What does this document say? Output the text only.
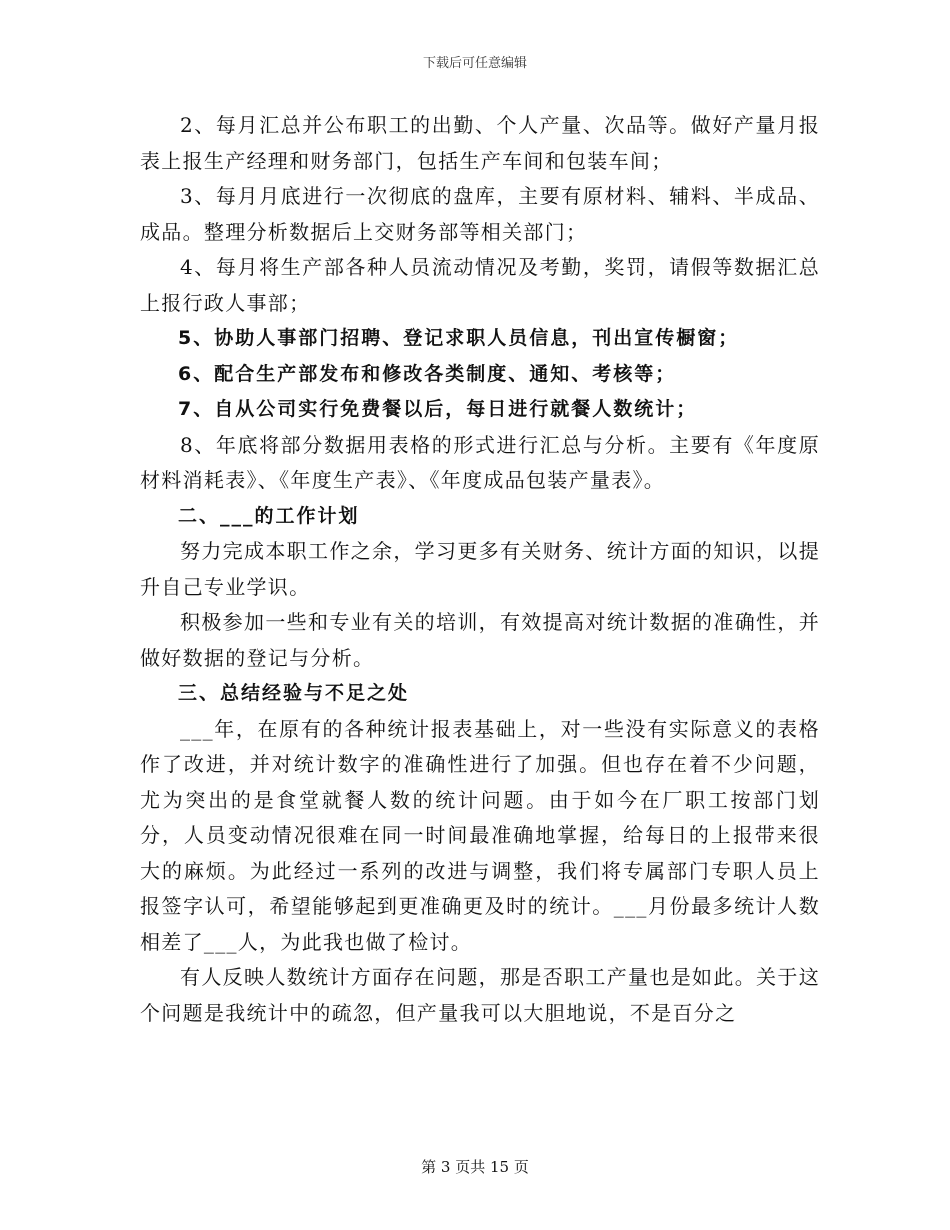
下载后可任意编辑

2、每月汇总并公布职工的出勤、个人产量、次品等。做好产量月报表上报生产经理和财务部门，包括生产车间和包装车间；

3、每月月底进行一次彻底的盘库，主要有原材料、辅料、半成品、成品。整理分析数据后上交财务部等相关部门；

4、每月将生产部各种人员流动情况及考勤，奖罚，请假等数据汇总上报行政人事部；

5、协助人事部门招聘、登记求职人员信息，刊出宣传橱窗；

6、配合生产部发布和修改各类制度、通知、考核等；

7、自从公司实行免费餐以后，每日进行就餐人数统计；

8、年底将部分数据用表格的形式进行汇总与分析。主要有《年度原材料消耗表》、《年度生产表》、《年度成品包装产量表》。

二、___的工作计划

努力完成本职工作之余，学习更多有关财务、统计方面的知识，以提升自己专业学识。

积极参加一些和专业有关的培训，有效提高对统计数据的准确性，并做好数据的登记与分析。

三、总结经验与不足之处

___年，在原有的各种统计报表基础上，对一些没有实际意义的表格作了改进，并对统计数字的准确性进行了加强。但也存在着不少问题，尤为突出的是食堂就餐人数的统计问题。由于如今在厂职工按部门划分，人员变动情况很难在同一时间最准确地掌握，给每日的上报带来很大的麻烦。为此经过一系列的改进与调整，我们将专属部门专职人员上报签字认可，希望能够起到更准确更及时的统计。___月份最多统计人数相差了___人，为此我也做了检讨。

有人反映人数统计方面存在问题，那是否职工产量也是如此。关于这个问题是我统计中的疏忽，但产量我可以大胆地说，不是百分之

第 3 页共 15 页
